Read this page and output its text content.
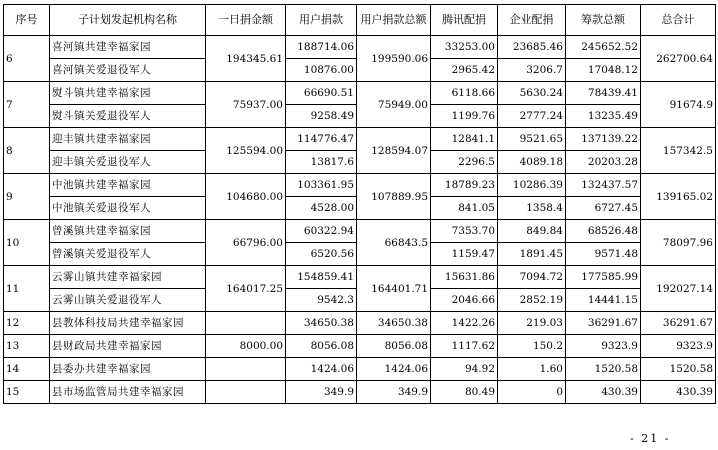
序号	子计划发起机构名称	一日捐金额	用户捐款	用户捐款总额	腾讯配捐	企业配捐	筹款总额	总合计
6	喜河镇共建幸福家园	194345.61	188714.06	199590.06	33253.00	23685.46	245652.52	262700.64
	喜河镇关爱退役军人		10876.00		2965.42	3206.7	17048.12	
7	熨斗镇共建幸福家园	75937.00	66690.51	75949.00	6118.66	5630.24	78439.41	91674.9
	熨斗镇关爱退役军人		9258.49		1199.76	2777.24	13235.49	
8	迎丰镇共建幸福家园	125594.00	114776.47	128594.07	12841.1	9521.65	137139.22	157342.5
	迎丰镇关爱退役军人		13817.6		2296.5	4089.18	20203.28	
9	中池镇共建幸福家园	104680.00	103361.95	107889.95	18789.23	10286.39	132437.57	139165.02
	中池镇关爱退役军人		4528.00		841.05	1358.4	6727.45	
10	曾溪镇共建幸福家园	66796.00	60322.94	66843.5	7353.70	849.84	68526.48	78097.96
	曾溪镇关爱退役军人		6520.56		1159.47	1891.45	9571.48	
11	云雾山镇共建幸福家园	164017.25	154859.41	164401.71	15631.86	7094.72	177585.99	192027.14
	云雾山镇关爱退役军人		9542.3		2046.66	2852.19	14441.15	
12	县教体科技局共建幸福家园		34650.38	34650.38	1422.26	219.03	36291.67	36291.67
13	县财政局共建幸福家园	8000.00	8056.08	8056.08	1117.62	150.2	9323.9	9323.9
14	县委办共建幸福家园		1424.06	1424.06	94.92	1.60	1520.58	1520.58
15	县市场监管局共建幸福家园		349.9	349.9	80.49	0	430.39	430.39
- 21 -
